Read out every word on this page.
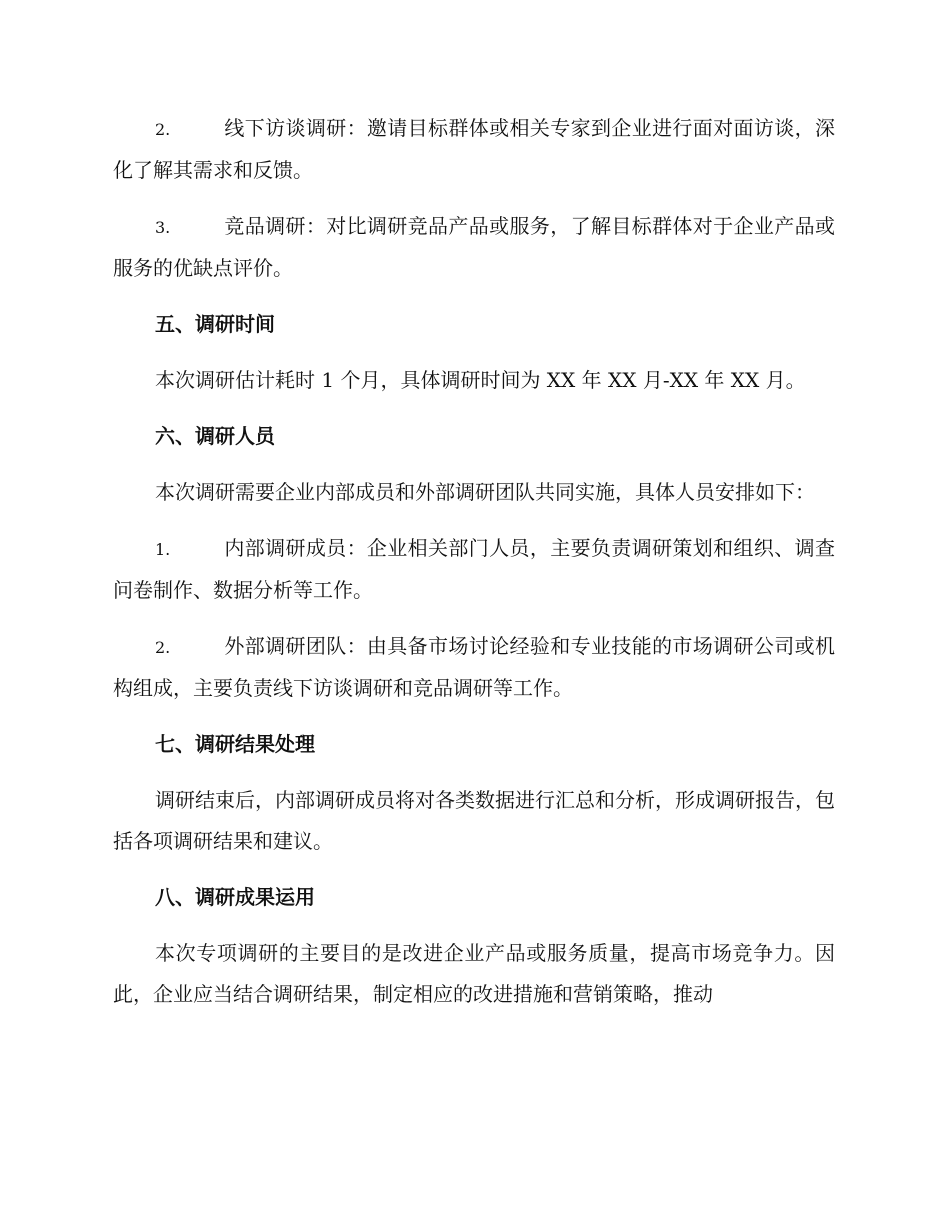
2.	线下访谈调研：邀请目标群体或相关专家到企业进行面对面访谈，深化了解其需求和反馈。

3.	竞品调研：对比调研竞品产品或服务，了解目标群体对于企业产品或服务的优缺点评价。

五、调研时间

本次调研估计耗时 1 个月，具体调研时间为 XX 年 XX 月-XX 年 XX 月。

六、调研人员

本次调研需要企业内部成员和外部调研团队共同实施，具体人员安排如下：

1.	内部调研成员：企业相关部门人员，主要负责调研策划和组织、调查问卷制作、数据分析等工作。

2.	外部调研团队：由具备市场讨论经验和专业技能的市场调研公司或机构组成，主要负责线下访谈调研和竞品调研等工作。

七、调研结果处理

调研结束后，内部调研成员将对各类数据进行汇总和分析，形成调研报告，包括各项调研结果和建议。

八、调研成果运用

本次专项调研的主要目的是改进企业产品或服务质量，提高市场竞争力。因此，企业应当结合调研结果，制定相应的改进措施和营销策略，推动
